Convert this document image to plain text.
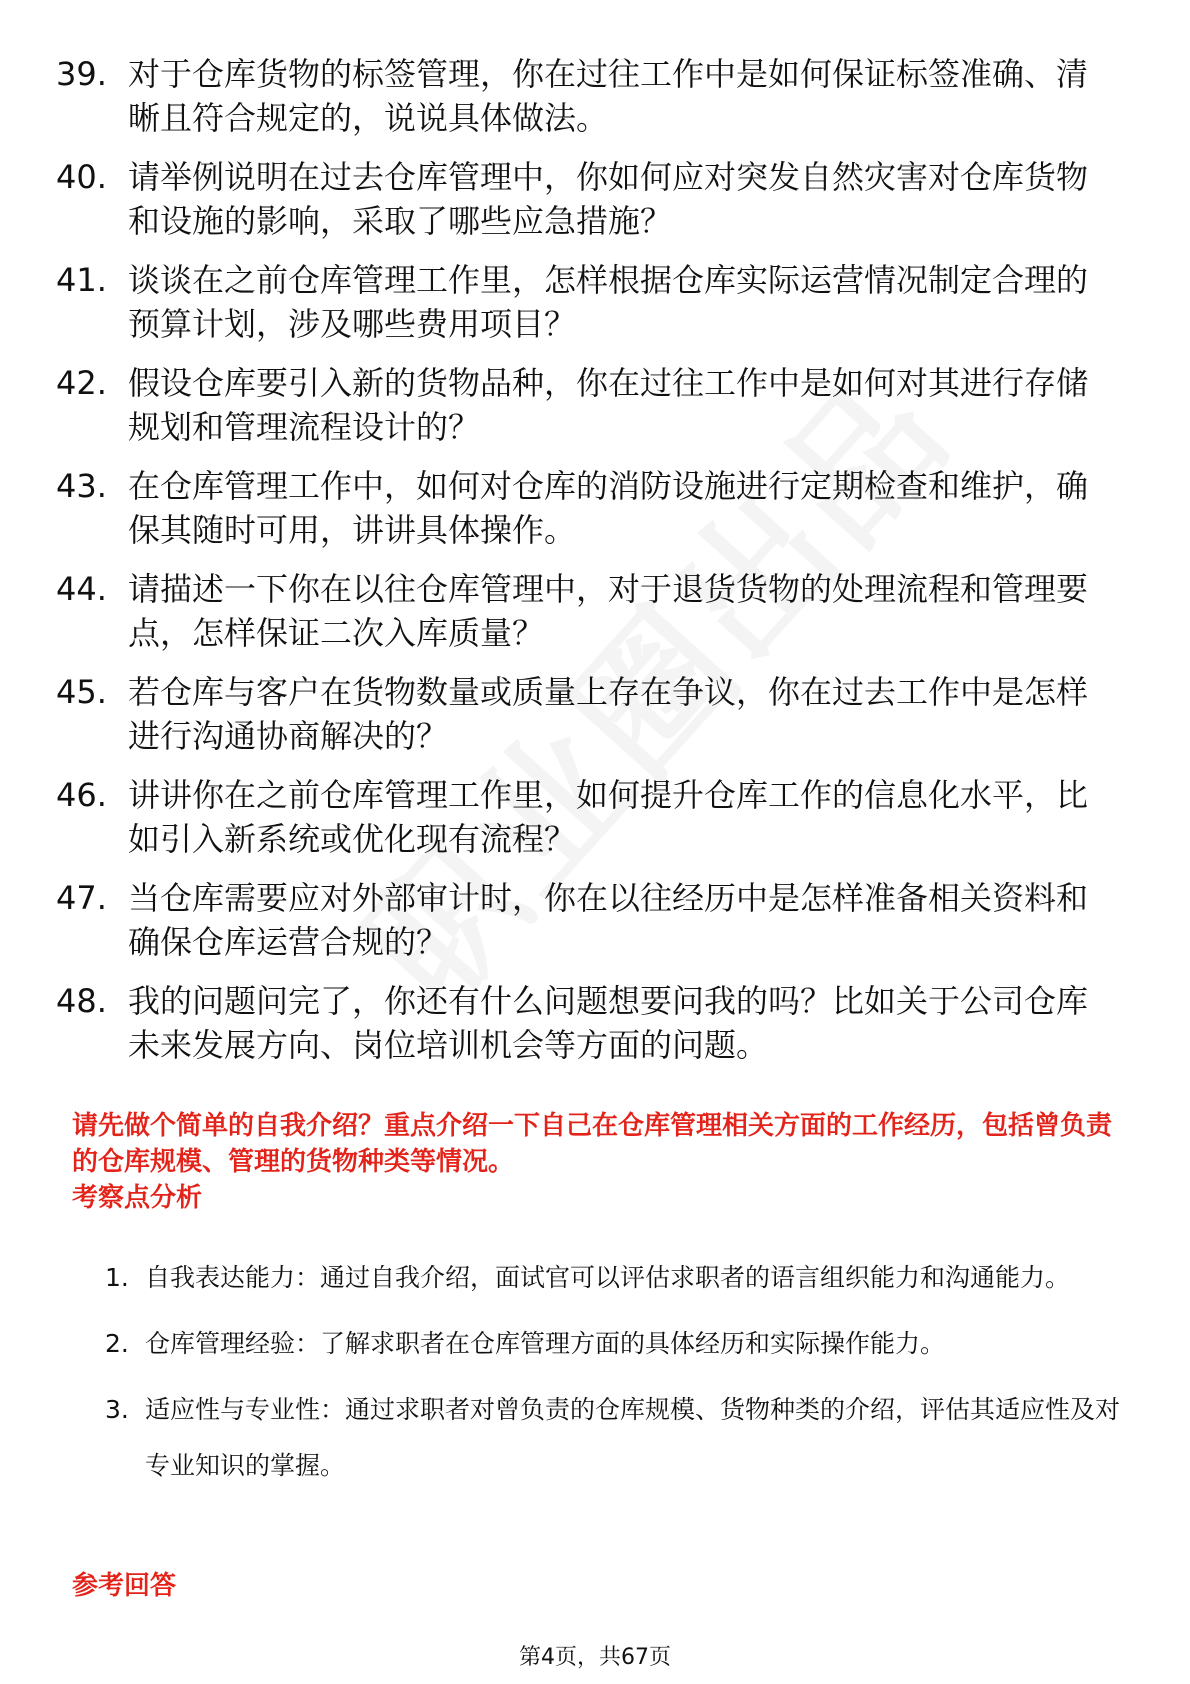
39. 对于仓库货物的标签管理，你在过往工作中是如何保证标签准确、清晰且符合规定的，说说具体做法。
40. 请举例说明在过去仓库管理中，你如何应对突发自然灾害对仓库货物和设施的影响，采取了哪些应急措施？
41. 谈谈在之前仓库管理工作里，怎样根据仓库实际运营情况制定合理的预算计划，涉及哪些费用项目？
42. 假设仓库要引入新的货物品种，你在过往工作中是如何对其进行存储规划和管理流程设计的？
43. 在仓库管理工作中，如何对仓库的消防设施进行定期检查和维护，确保其随时可用，讲讲具体操作。
44. 请描述一下你在以往仓库管理中，对于退货货物的处理流程和管理要点，怎样保证二次入库质量？
45. 若仓库与客户在货物数量或质量上存在争议，你在过去工作中是怎样进行沟通协商解决的？
46. 讲讲你在之前仓库管理工作里，如何提升仓库工作的信息化水平，比如引入新系统或优化现有流程？
47. 当仓库需要应对外部审计时，你在以往经历中是怎样准备相关资料和确保仓库运营合规的？
48. 我的问题问完了，你还有什么问题想要问我的吗？比如关于公司仓库未来发展方向、岗位培训机会等方面的问题。
请先做个简单的自我介绍？重点介绍一下自己在仓库管理相关方面的工作经历，包括曾负责的仓库规模、管理的货物种类等情况。
考察点分析
1. 自我表达能力：通过自我介绍，面试官可以评估求职者的语言组织能力和沟通能力。
2. 仓库管理经验：了解求职者在仓库管理方面的具体经历和实际操作能力。
3. 适应性与专业性：通过求职者对曾负责的仓库规模、货物种类的介绍，评估其适应性及对专业知识的掌握。
参考回答
第4页，共67页
